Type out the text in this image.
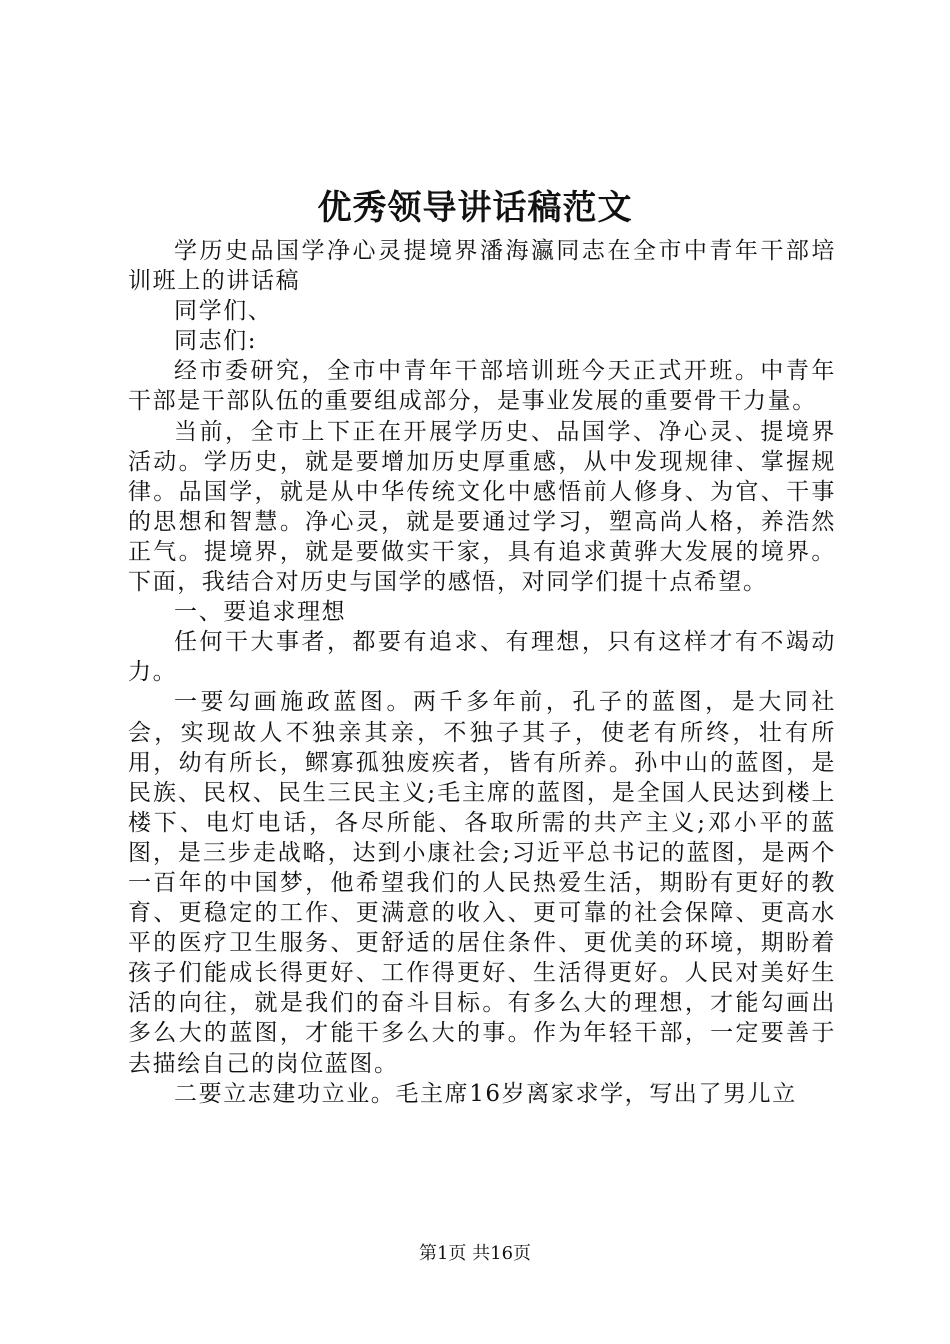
优秀领导讲话稿范文

学历史品国学净心灵提境界潘海瀛同志在全市中青年干部培训班上的讲话稿

同学们、

同志们:

经市委研究，全市中青年干部培训班今天正式开班。中青年干部是干部队伍的重要组成部分，是事业发展的重要骨干力量。

当前，全市上下正在开展学历史、品国学、净心灵、提境界活动。学历史，就是要增加历史厚重感，从中发现规律、掌握规律。品国学，就是从中华传统文化中感悟前人修身、为官、干事的思想和智慧。净心灵，就是要通过学习，塑高尚人格，养浩然正气。提境界，就是要做实干家，具有追求黄骅大发展的境界。下面，我结合对历史与国学的感悟，对同学们提十点希望。

一、要追求理想

任何干大事者，都要有追求、有理想，只有这样才有不竭动力。

一要勾画施政蓝图。两千多年前，孔子的蓝图，是大同社会，实现故人不独亲其亲，不独子其子，使老有所终，壮有所用，幼有所长，鳏寡孤独废疾者，皆有所养。孙中山的蓝图，是民族、民权、民生三民主义;毛主席的蓝图，是全国人民达到楼上楼下、电灯电话，各尽所能、各取所需的共产主义;邓小平的蓝图，是三步走战略，达到小康社会;习近平总书记的蓝图，是两个一百年的中国梦，他希望我们的人民热爱生活，期盼有更好的教育、更稳定的工作、更满意的收入、更可靠的社会保障、更高水平的医疗卫生服务、更舒适的居住条件、更优美的环境，期盼着孩子们能成长得更好、工作得更好、生活得更好。人民对美好生活的向往，就是我们的奋斗目标。有多么大的理想，才能勾画出多么大的蓝图，才能干多么大的事。作为年轻干部，一定要善于去描绘自己的岗位蓝图。

二要立志建功立业。毛主席16岁离家求学，写出了男儿立

第1页 共16页
